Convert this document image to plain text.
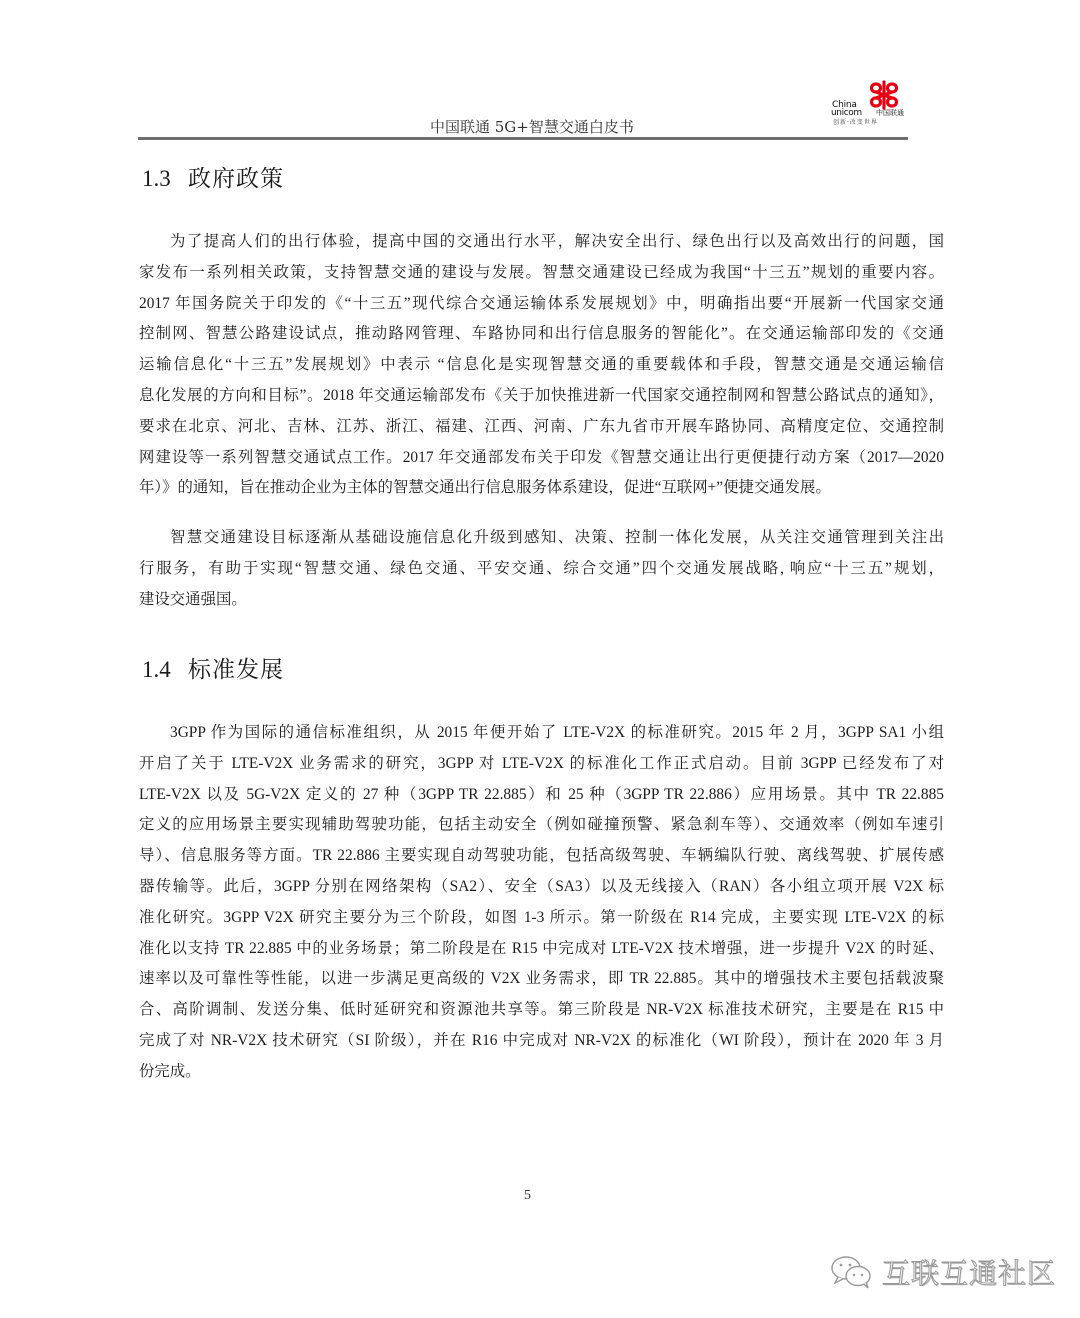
China
unicom 中国联通
创新·改变世界
中国联通 5G+智慧交通白皮书
1.3 政府政策
为了提高人们的出行体验，提高中国的交通出行水平，解决安全出行、绿色出行以及高效出行的问题，国
家发布一系列相关政策，支持智慧交通的建设与发展。智慧交通建设已经成为我国“十三五”规划的重要内容。
2017 年国务院关于印发的《“十三五”现代综合交通运输体系发展规划》中，明确指出要“开展新一代国家交通
控制网、智慧公路建设试点，推动路网管理、车路协同和出行信息服务的智能化”。在交通运输部印发的《交通
运输信息化“十三五”发展规划》中表示 “信息化是实现智慧交通的重要载体和手段，智慧交通是交通运输信
息化发展的方向和目标”。2018 年交通运输部发布《关于加快推进新一代国家交通控制网和智慧公路试点的通知》，
要求在北京、河北、吉林、江苏、浙江、福建、江西、河南、广东九省市开展车路协同、高精度定位、交通控制
网建设等一系列智慧交通试点工作。2017 年交通部发布关于印发《智慧交通让出行更便捷行动方案（2017—2020
年）》的通知，旨在推动企业为主体的智慧交通出行信息服务体系建设，促进“互联网+”便捷交通发展。
智慧交通建设目标逐渐从基础设施信息化升级到感知、决策、控制一体化发展，从关注交通管理到关注出
行服务，有助于实现“智慧交通、绿色交通、平安交通、综合交通”四个交通发展战略, 响应“十三五”规划，
建设交通强国。
1.4 标准发展
3GPP 作为国际的通信标准组织，从 2015 年便开始了 LTE-V2X 的标准研究。2015 年 2 月，3GPP SA1 小组
开启了关于 LTE-V2X 业务需求的研究，3GPP 对 LTE-V2X 的标准化工作正式启动。目前 3GPP 已经发布了对
LTE-V2X 以及 5G-V2X 定义的 27 种（3GPP TR 22.885）和 25 种（3GPP TR 22.886）应用场景。其中 TR 22.885
定义的应用场景主要实现辅助驾驶功能，包括主动安全（例如碰撞预警、紧急刹车等）、交通效率（例如车速引
导）、信息服务等方面。TR 22.886 主要实现自动驾驶功能，包括高级驾驶、车辆编队行驶、离线驾驶、扩展传感
器传输等。此后，3GPP 分别在网络架构（SA2）、安全（SA3）以及无线接入（RAN）各小组立项开展 V2X 标
准化研究。3GPP V2X 研究主要分为三个阶段，如图 1-3 所示。第一阶级在 R14 完成，主要实现 LTE-V2X 的标
准化以支持 TR 22.885 中的业务场景；第二阶段是在 R15 中完成对 LTE-V2X 技术增强，进一步提升 V2X 的时延、
速率以及可靠性等性能，以进一步满足更高级的 V2X 业务需求，即 TR 22.885。其中的增强技术主要包括载波聚
合、高阶调制、发送分集、低时延研究和资源池共享等。第三阶段是 NR-V2X 标准技术研究，主要是在 R15 中
完成了对 NR-V2X 技术研究（SI 阶级），并在 R16 中完成对 NR-V2X 的标准化（WI 阶段），预计在 2020 年 3 月
份完成。
5
互联互通社区
